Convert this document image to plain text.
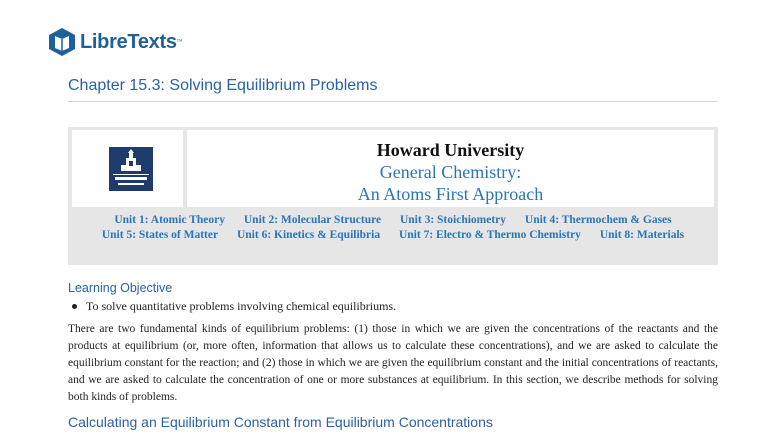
LibreTexts ™
Chapter 15.3: Solving Equilibrium Problems
Howard University
General Chemistry:
An Atoms First Approach
Unit 1: Atomic Theory Unit 2: Molecular Structure Unit 3: Stoichiometry Unit 4: Thermochem & Gases
Unit 5: States of Matter Unit 6: Kinetics & Equilibria Unit 7: Electro & Thermo Chemistry Unit 8: Materials
Learning Objective
To solve quantitative problems involving chemical equilibriums.

There are two fundamental kinds of equilibrium problems: (1) those in which we are given the concentrations of the reactants and the products at equilibrium (or, more often, information that allows us to calculate these concentrations), and we are asked to calculate the equilibrium constant for the reaction; and (2) those in which we are given the equilibrium constant and the initial concentrations of reactants, and we are asked to calculate the concentration of one or more substances at equilibrium. In this section, we describe methods for solving both kinds of problems.

Calculating an Equilibrium Constant from Equilibrium Concentrations
